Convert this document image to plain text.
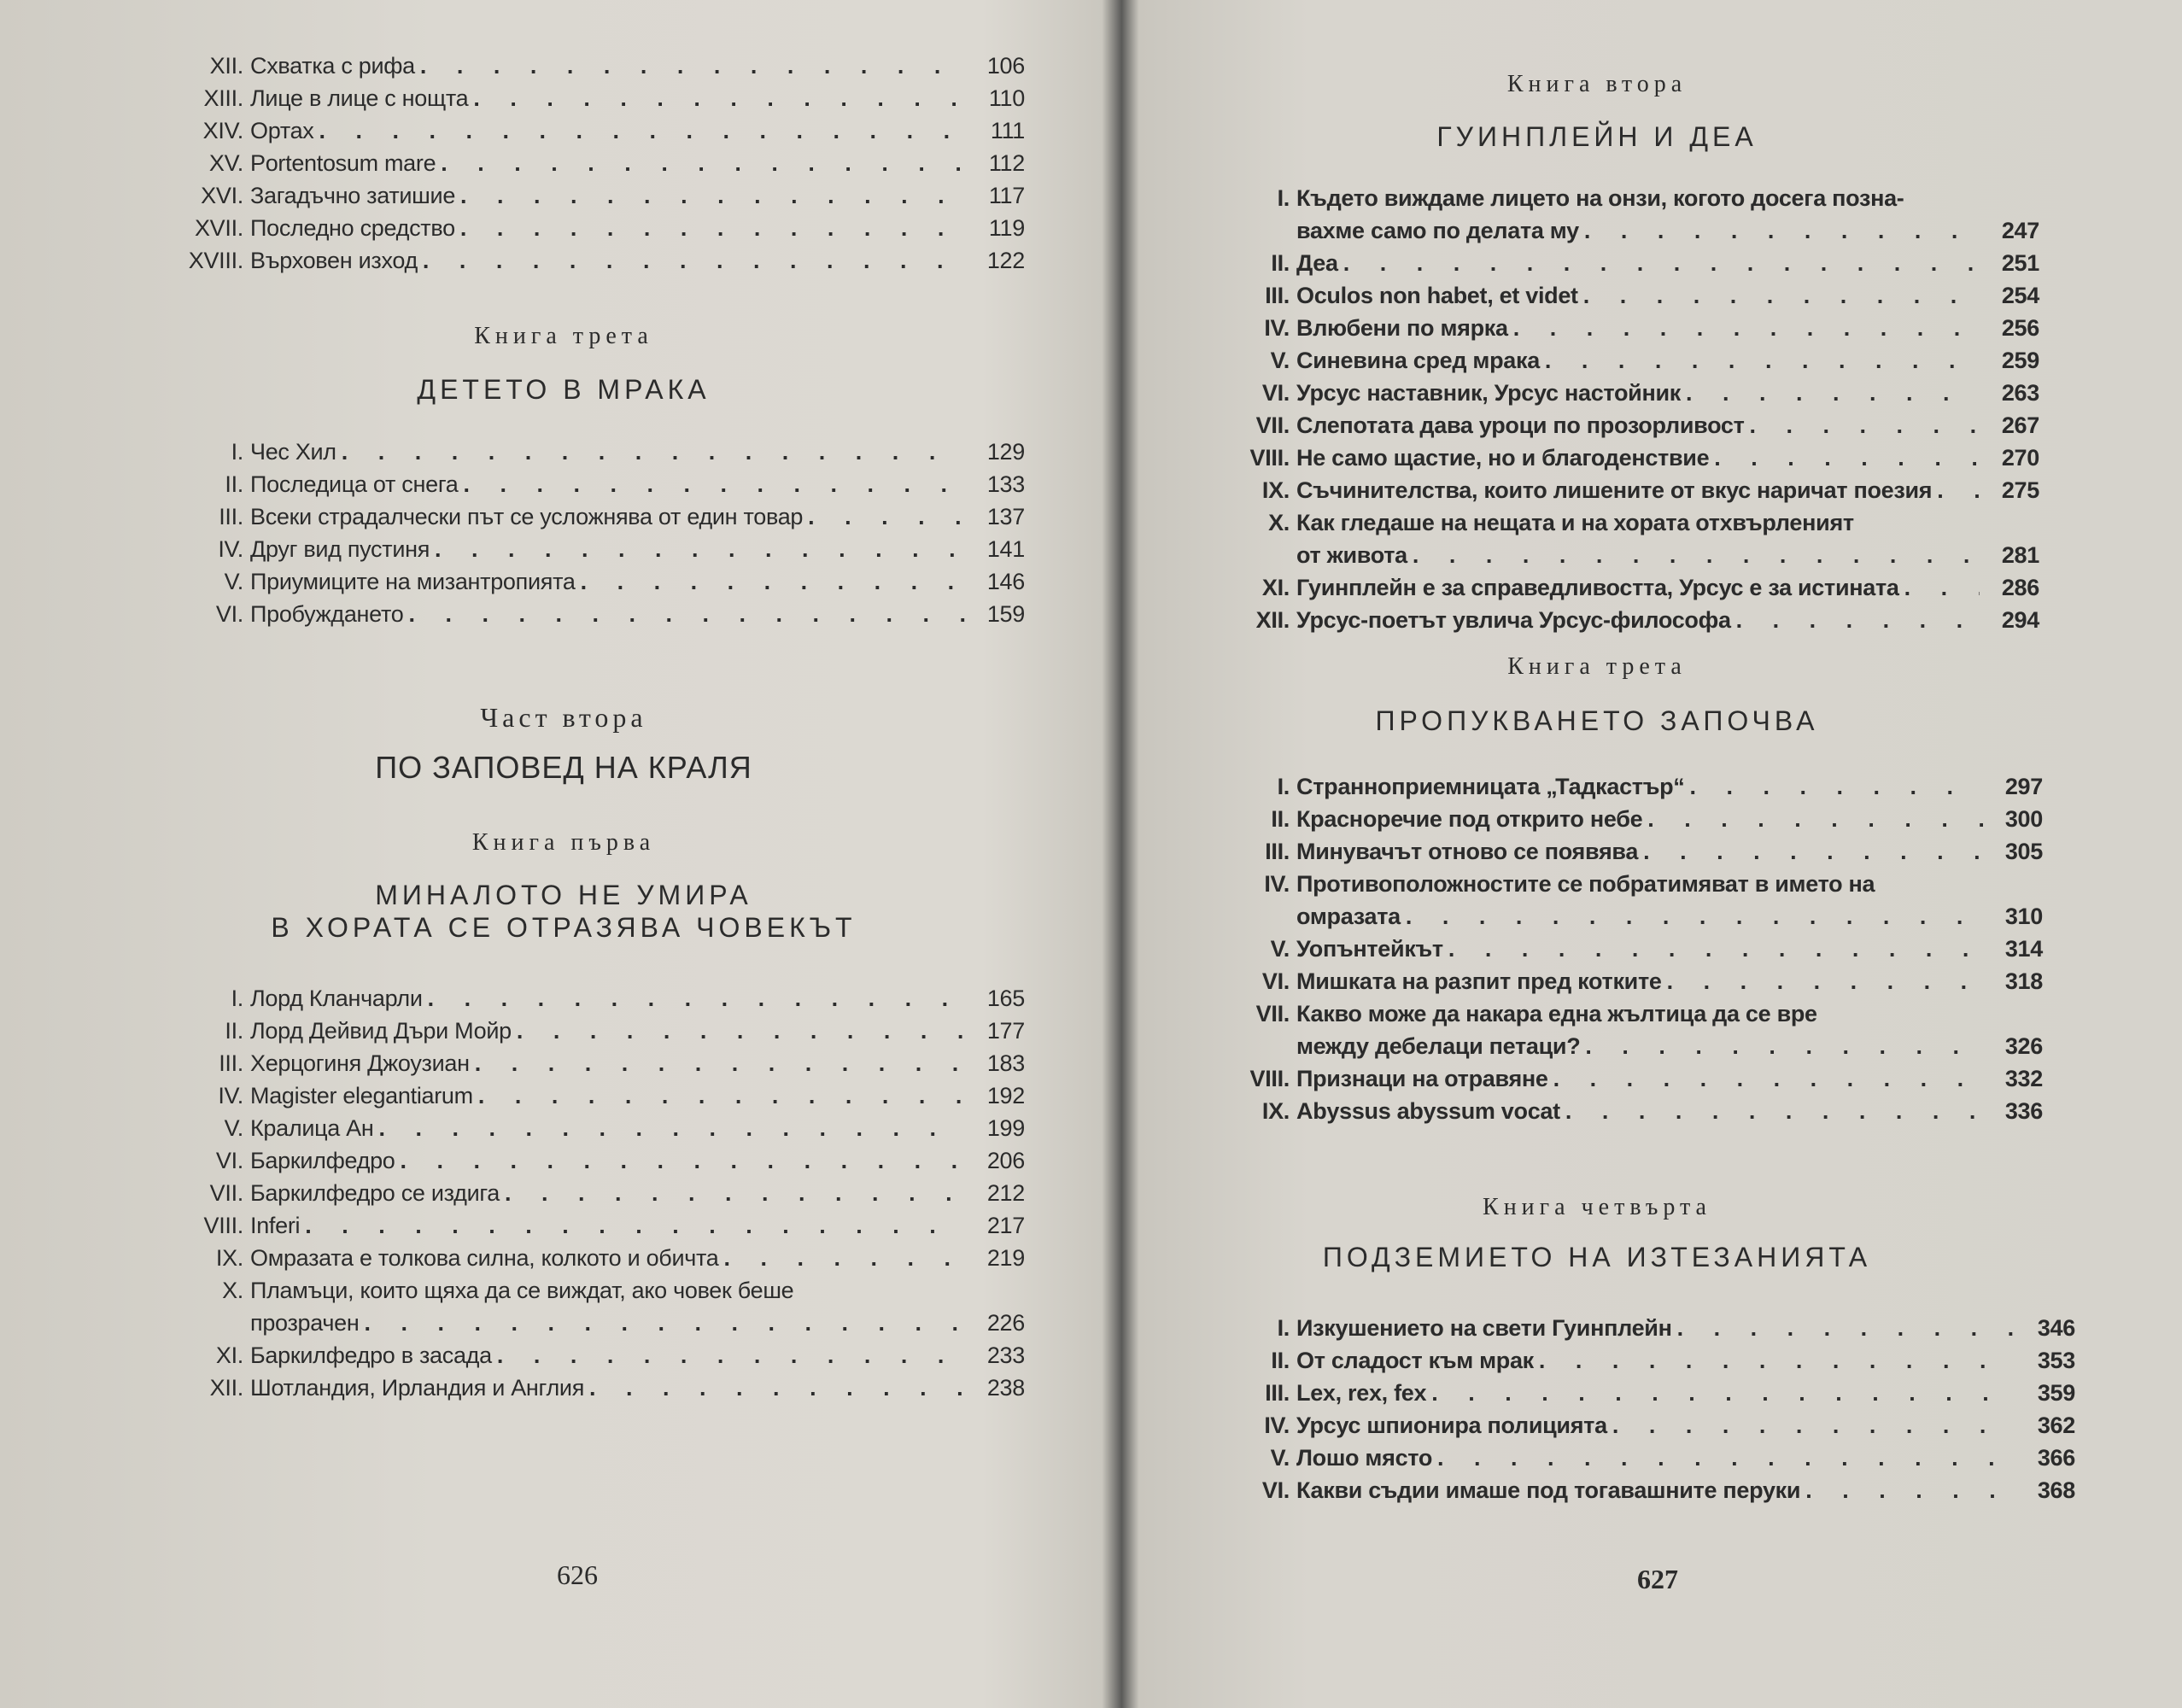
XII. Схватка с рифа . . .	106
XIII. Лице в лице с нощта . . .	110
XIV. Ортах . . .	111
XV. Portentosum mare . . .	112
XVI. Загадъчно затишие . . .	117
XVII. Последно средство . . .	119
XVIII. Върховен изход . . .	122
Книга трета
ДЕТЕТО В МРАКА
I. Чес Хил . . .	129
II. Последица от снега . . .	133
III. Всеки страдалчески път се усложнява от един товар . . .	137
IV. Друг вид пустиня . . .	141
V. Приумиците на мизантропията . . .	146
VI. Пробуждането . . .	159
Част втора
ПО ЗАПОВЕД НА КРАЛЯ
Книга първа
МИНАЛОТО НЕ УМИРА
В ХОРАТА СЕ ОТРАЗЯВА ЧОВЕКЪТ
I. Лорд Кланчарли . . .	165
II. Лорд Дейвид Дъри Мойр . . .	177
III. Херцогиня Джоузиан . . .	183
IV. Magister elegantiarum . . .	192
V. Кралица Ан . . .	199
VI. Баркилфедро . . .	206
VII. Баркилфедро се издига . . .	212
VIII. Inferi . . .	217
IX. Омразата е толкова силна, колкото и обичта . . .	219
X. Пламъци, които щяха да се виждат, ако човек беше
прозрачен . . .	226
XI. Баркилфедро в засада . . .	233
XII. Шотландия, Ирландия и Англия . . .	238
626
Книга втора
ГУИНПЛЕЙН И ДЕА
I. Където виждаме лицето на онзи, когото досега позна-
вахме само по делата му . . .	247
II. Деа . . .	251
III. Oculos non habet, et videt . . .	254
IV. Влюбени по мярка . . .	256
V. Синевина сред мрака . . .	259
VI. Урсус наставник, Урсус настойник . . .	263
VII. Слепотата дава уроци по прозорливост . . .	267
VIII. Не само щастие, но и благоденствие . . .	270
IX. Съчинителства, които лишените от вкус наричат поезия . . .	275
X. Как гледаше на нещата и на хората отхвърленият
от живота . . .	281
XI. Гуинплейн е за справедливостта, Урсус е за истината . . .	286
XII. Урсус-поетът увлича Урсус-философа . . .	294
Книга трета
ПРОПУКВАНЕТО ЗАПОЧВА
I. Странноприемницата „Тадкастър“ . . .	297
II. Красноречие под открито небе . . .	300
III. Минувачът отново се появява . . .	305
IV. Противоположностите се побратимяват в името на
омразата . . .	310
V. Уопънтейкът . . .	314
VI. Мишката на разпит пред котките . . .	318
VII. Какво може да накара една жълтица да се вре
между дебелаци петаци? . . .	326
VIII. Признаци на отравяне . . .	332
IX. Abyssus abyssum vocat . . .	336
Книга четвърта
ПОДЗЕМИЕТО НА ИЗТЕЗАНИЯТА
I. Изкушението на свети Гуинплейн . . .	346
II. От сладост към мрак . . .	353
III. Lex, rex, fex . . .	359
IV. Урсус шпионира полицията . . .	362
V. Лошо място . . .	366
VI. Какви съдии имаше под тогавашните перуки . . .	368
627
